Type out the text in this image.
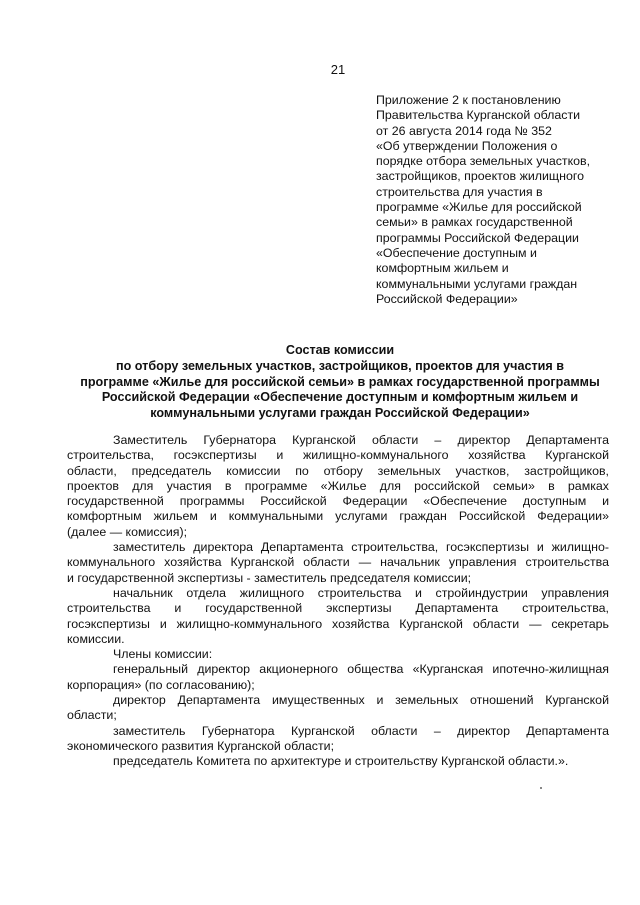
21
Приложение 2 к постановлению
Правительства Курганской области
от 26 августа 2014 года № 352
«Об утверждении Положения о
порядке отбора земельных участков,
застройщиков, проектов жилищного
строительства для участия в
программе «Жилье для российской
семьи» в рамках государственной
программы Российской Федерации
«Обеспечение доступным и
комфортным жильем и
коммунальными услугами граждан
Российской Федерации»
Состав комиссии
по отбору земельных участков, застройщиков, проектов для участия в
программе «Жилье для российской семьи» в рамках государственной программы
Российской Федерации «Обеспечение доступным и комфортным жильем и
коммунальными услугами граждан Российской Федерации»
Заместитель Губернатора Курганской области – директор Департамента
строительства, госэкспертизы и жилищно-коммунального хозяйства Курганской
области, председатель комиссии по отбору земельных участков, застройщиков,
проектов для участия в программе «Жилье для российской семьи» в рамках
государственной программы Российской Федерации «Обеспечение доступным и
комфортным жильем и коммунальными услугами граждан Российской Федерации»
(далее — комиссия);
заместитель директора Департамента строительства, госэкспертизы и жилищно-
коммунального хозяйства Курганской области — начальник управления строительства
и государственной экспертизы - заместитель председателя комиссии;
начальник отдела жилищного строительства и стройиндустрии управления
строительства и государственной экспертизы Департамента строительства,
госэкспертизы и жилищно-коммунального хозяйства Курганской области — секретарь
комиссии.
Члены комиссии:
генеральный директор акционерного общества «Курганская ипотечно-жилищная
корпорация» (по согласованию);
директор Департамента имущественных и земельных отношений Курганской
области;
заместитель Губернатора Курганской области – директор Департамента
экономического развития Курганской области;
председатель Комитета по архитектуре и строительству Курганской области.».
